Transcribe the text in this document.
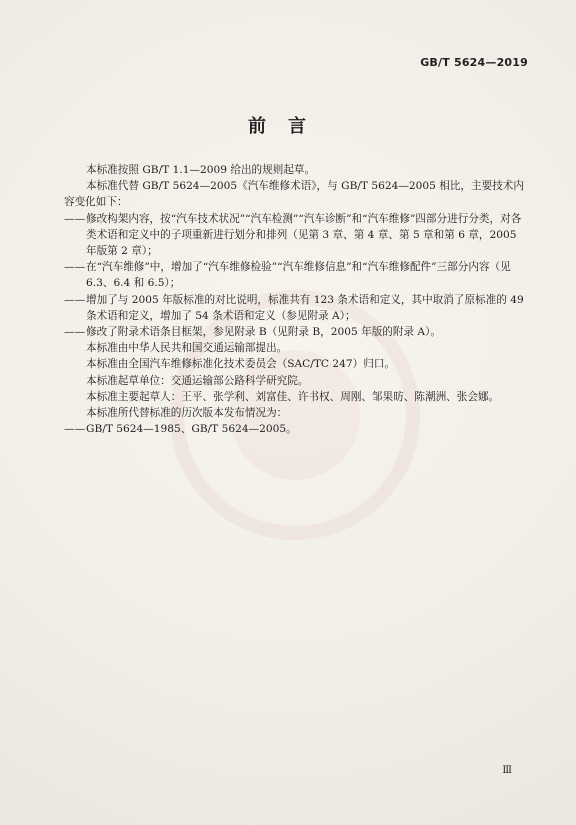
GB/T 5624—2019
前言

本标准按照 GB/T 1.1—2009 给出的规则起草。

本标准代替 GB/T 5624—2005《汽车维修术语》，与 GB/T 5624—2005 相比，主要技术内容变化如下：

—— 修改构架内容，按“汽车技术状况”“汽车检测”“汽车诊断”和“汽车维修”四部分进行分类，对各类术语和定义中的子项重新进行划分和排列（见第 3 章、第 4 章、第 5 章和第 6 章，2005 年版第 2 章）；
—— 在“汽车维修”中，增加了“汽车维修检验”“汽车维修信息”和“汽车维修配件”三部分内容（见 6.3、6.4 和 6.5）；
—— 增加了与 2005 年版标准的对比说明，标准共有 123 条术语和定义，其中取消了原标准的 49 条术语和定义，增加了 54 条术语和定义（参见附录 A）；
—— 修改了附录术语条目框架，参见附录 B（见附录 B，2005 年版的附录 A）。

本标准由中华人民共和国交通运输部提出。

本标准由全国汽车维修标准化技术委员会（SAC/TC 247）归口。

本标准起草单位：交通运输部公路科学研究院。

本标准主要起草人：王平、张学利、刘富佳、许书权、周刚、邹果昉、陈潮洲、张会娜。

本标准所代替标准的历次版本发布情况为：

—— GB/T 5624—1985、GB/T 5624—2005。
Ⅲ
